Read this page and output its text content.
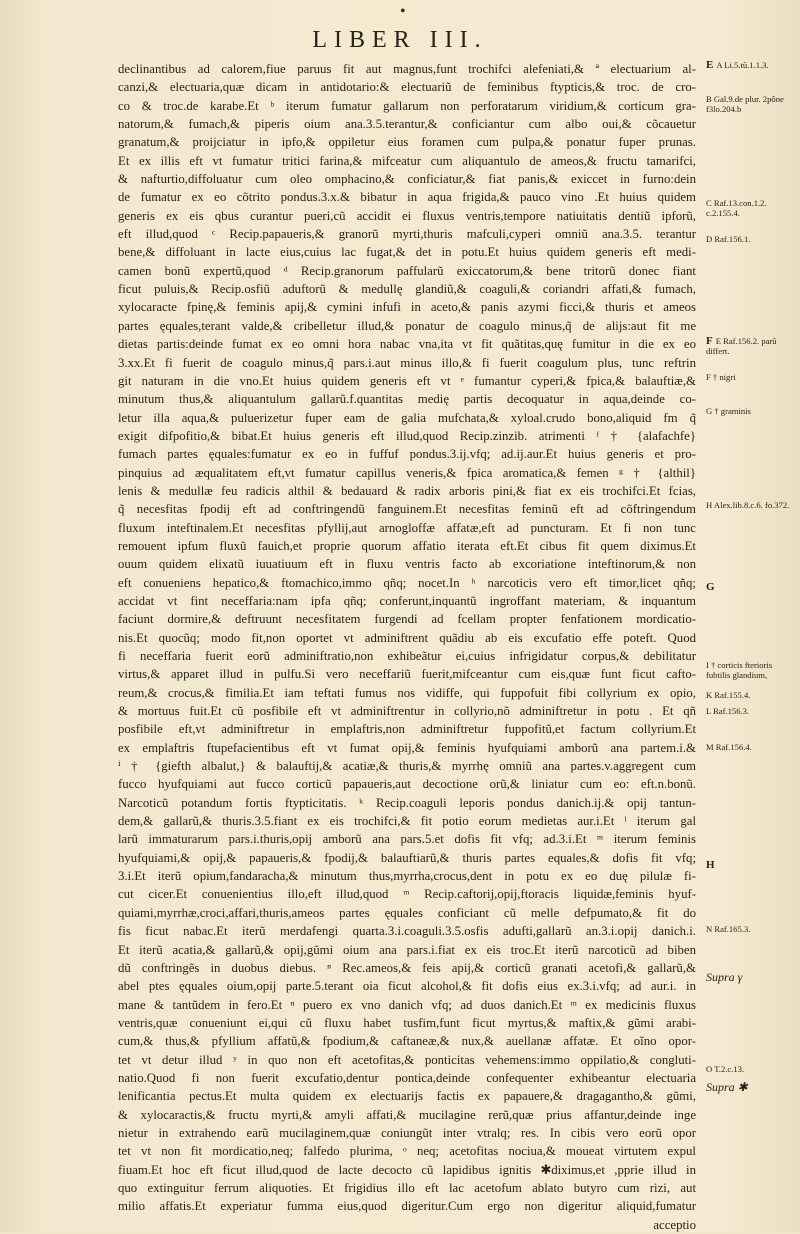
•
LIBER III.
declinantibus ad calorem,fiue paruus fit aut magnus,funt trochifci alefeniati,& ª electuarium al-
canzi,& electuaria,quæ dicam in antidotario:& electuariũ de feminibus ftypticis,& troc. de cro-
co & troc.de karabe.Et ᵇ iterum fumatur gallarum non perforatarum viridium,& corticum gra-
natorum,& fumach,& piperis oium ana.3.5.terantur,& conficiantur cum albo oui,& cõcauetur
granatum,& proijciatur in ipfo,& oppiletur eius foramen cum pulpa,& ponatur fuper prunas.
Et ex illis eft vt fumatur tritici farina,& mifceatur cum aliquantulo de ameos,& fructu tamarifci,
& nafturtio,diffoluatur cum oleo omphacino,& conficiatur,& fiat panis,& exiccet in furno:dein
de fumatur ex eo cõtrito pondus.3.x.& bibatur in aqua frigida,& pauco vino .Et huius quidem
generis ex eis qbus curantur pueri,cũ accidit ei fluxus ventris,tempore natiuitatis dentiũ ipforũ,
eft illud,quod ᶜ Recip.papaueris,& granorũ myrti,thuris mafculi,cyperi omniũ ana.3.5. terantur
bene,& diffoluant in lacte eius,cuius lac fugat,& det in potu.Et huius quidem generis eft medi-
camen bonũ expertũ,quod ᵈ Recip.granorum paffularũ exiccatorum,& bene tritorũ donec fiant
ficut puluis,& Recip.osfiũ aduftorũ & medullę glandiũ,& coaguli,& coriandri affati,& fumach,
xylocaracte fpinę,& feminis apij,& cymini infufi in aceto,& panis azymi ficci,& thuris et ameos
partes ęquales,terant valde,& cribelletur illud,& ponatur de coagulo minus,q̃ de alijs:aut fit me
dietas partis:deinde fumat ex eo omni hora nabac vna,ita vt fit quãtitas,quę fumitur in die ex eo
3.xx.Et fi fuerit de coagulo minus,q̃ pars.i.aut minus illo,& fi fuerit coagulum plus, tunc reftrin
git naturam in die vno.Et huius quidem generis eft vt ᵉ fumantur cyperi,& fpica,& balauftiæ,&
minutum thus,& aliquantulum gallarũ.f.quantitas medię partis decoquatur in aqua,deinde co-
letur illa aqua,& puluerizetur fuper eam de galia mufchata,& xyloal.crudo bono,aliquid fm q̃
exigit difpofitio,& bibat.Et huius generis eft illud,quod Recip.zinzib. atrimenti ᶠ † {alafachfe}
fumach partes ęquales:fumatur ex eo in fuffuf pondus.3.ij.vfq; ad.ij.aur.Et huius generis et pro-
pinquius ad æqualitatem eft,vt fumatur capillus veneris,& fpica aromatica,& femen ᵍ † {althil}
lenis & medullæ feu radicis althil & bedauard & radix arboris pini,& fiat ex eis trochifci.Et fcias,
q̃ necesfitas fpodij eft ad conftringendũ fanguinem.Et necesfitas feminũ eft ad cõftringendum
fluxum inteftinalem.Et necesfitas pfyllij,aut arnogloffæ affatæ,eft ad puncturam. Et fi non tunc
remouent ipfum fluxũ fauich,et proprie quorum affatio iterata eft.Et cibus fit quem diximus.Et
ouum quidem elixatũ iuuatiuum eft in fluxu ventris facto ab excoriatione inteftinorum,& non
eft conueniens hepatico,& ftomachico,immo qñq; nocet.In ʰ narcoticis vero eft timor,licet qñq;
accidat vt fint neceffaria:nam ipfa qñq; conferunt,inquantũ ingroffant materiam, & inquantum
faciunt dormire,& deftruunt necesfitatem furgendi ad fcellam propter fenfationem mordicatio-
nis.Et quocũq; modo fit,non oportet vt adminiftrent quãdiu ab eis excufatio effe poteft. Quod
fi neceffaria fuerit eorũ adminiftratio,non exhibeãtur ei,cuius infrigidatur corpus,& debilitatur
virtus,& apparet illud in pulfu.Si vero neceffariũ fuerit,mifceantur cum eis,quæ funt ficut cafto-
reum,& crocus,& fimilia.Et iam teftati fumus nos vidiffe, qui fuppofuit fibi collyrium ex opio,
& mortuus fuit.Et cũ posfibile eft vt adminiftrentur in collyrio,nõ adminiftretur in potu . Et qñ
posfibile eft,vt adminiftretur in emplaftris,non adminiftretur fuppofitũ,et factum collyrium.Et
ex emplaftris ftupefacientibus eft vt fumat opij,& feminis hyufquiami amborũ ana partem.i.&
ⁱ † {giefth albalut,} & balauftij,& acatiæ,& thuris,& myrrhę omniũ ana partes.v.aggregent cum
fucco hyufquiami aut fucco corticũ papaueris,aut decoctione orũ,& liniatur cum eo: eft.n.bonũ.
Narcoticũ potandum fortis ftypticitatis. ᵏ Recip.coaguli leporis pondus danich.ij.& opij tantun-
dem,& gallarũ,& thuris.3.5.fiant ex eis trochifci,& fit potio eorum medietas aur.i.Et ˡ iterum gal
larũ immaturarum pars.i.thuris,opij amborũ ana pars.5.et dofis fit vfq; ad.3.i.Et ᵐ iterum feminis
hyufquiami,& opij,& papaueris,& fpodij,& balauftiarũ,& thuris partes equales,& dofis fit vfq;
3.i.Et iterũ opium,fandaracha,& minutum thus,myrrha,crocus,dent in potu ex eo duę pilulæ fi-
cut cicer.Et conuenientius illo,eft illud,quod ᵐ Recip.caftorij,opij,ftoracis liquidæ,feminis hyuf-
quiami,myrrhæ,croci,affari,thuris,ameos partes ęquales conficiant cũ melle defpumato,& fit do
fis ficut nabac.Et iterũ merdafengi quarta.3.i.coaguli.3.5.osfis adufti,gallarũ an.3.i.opij danich.i.
Et iterũ acatia,& gallarũ,& opij,gũmi oium ana pars.i.fiat ex eis troc.Et iterũ narcoticũ ad biben
dũ conftringẽs in duobus diebus. ⁿ Rec.ameos,& feis apij,& corticũ granati acetofi,& gallarũ,&
abel ptes ęquales oium,opij parte.5.terant oia ficut alcohol,& fit dofis eius ex.3.i.vfq; ad aur.i. in
mane & tantũdem in fero.Et ⁿ puero ex vno danich vfq; ad duos danich.Et ᵐ ex medicinis fluxus
ventris,quæ conueniunt ei,qui cũ fluxu habet tusfim,funt ficut myrtus,& maftix,& gũmi arabi-
cum,& thus,& pfyllium affatũ,& fpodium,& caftaneæ,& nux,& auellanæ affatæ. Et oĩno opor-
tet vt detur illud ʸ in quo non eft acetofitas,& ponticitas vehemens:immo oppilatio,& congluti-
natio.Quod fi non fuerit excufatio,dentur pontica,deinde confequenter exhibeantur electuaria
lenificantia pectus.Et multa quidem ex electuarijs factis ex papauere,& dragagantho,& gũmi,
& xylocaractis,& fructu myrti,& amyli affati,& mucilagine rerũ,quæ prius affantur,deinde inge
nietur in extrahendo earũ mucilaginem,quæ coniungũt inter vtralq; res. In cibis vero eorũ opor
tet vt non fit mordicatio,neq; falfedo plurima, ᵒ neq; acetofitas nociua,& moueat virtutem expul
fiuam.Et hoc eft ficut illud,quod de lacte decocto cũ lapidibus ignitis ✱diximus,et ,pprie illud in
quo extinguitur ferrum aliquoties. Et frigidius illo eft lac acetofum ablato butyro cum rizi, aut
milio affatis.Et experiatur fumma eius,quod digeritur.Cum ergo non digeritur aliquid,fumatur
acceptio
E A Li.5.tũ.1.1.3.
B Gal.9.de plur. 2pône f3lo.204.b
C Raf.13.con.1.2. c.2.155.4.
D Raf.156.1.
F E Raf.156.2. parũ differt.
F † nigri
G † graminis
H Alex.lib.8.c.6. fo.372.
G
I † corticis fterioris fubtilis glandium,
K Raf.155.4.
L Raf.156.3.
M Raf.156.4.
H
N Raf.165.3.
Supra γ
O T.2.c.13.
Supra ✱
